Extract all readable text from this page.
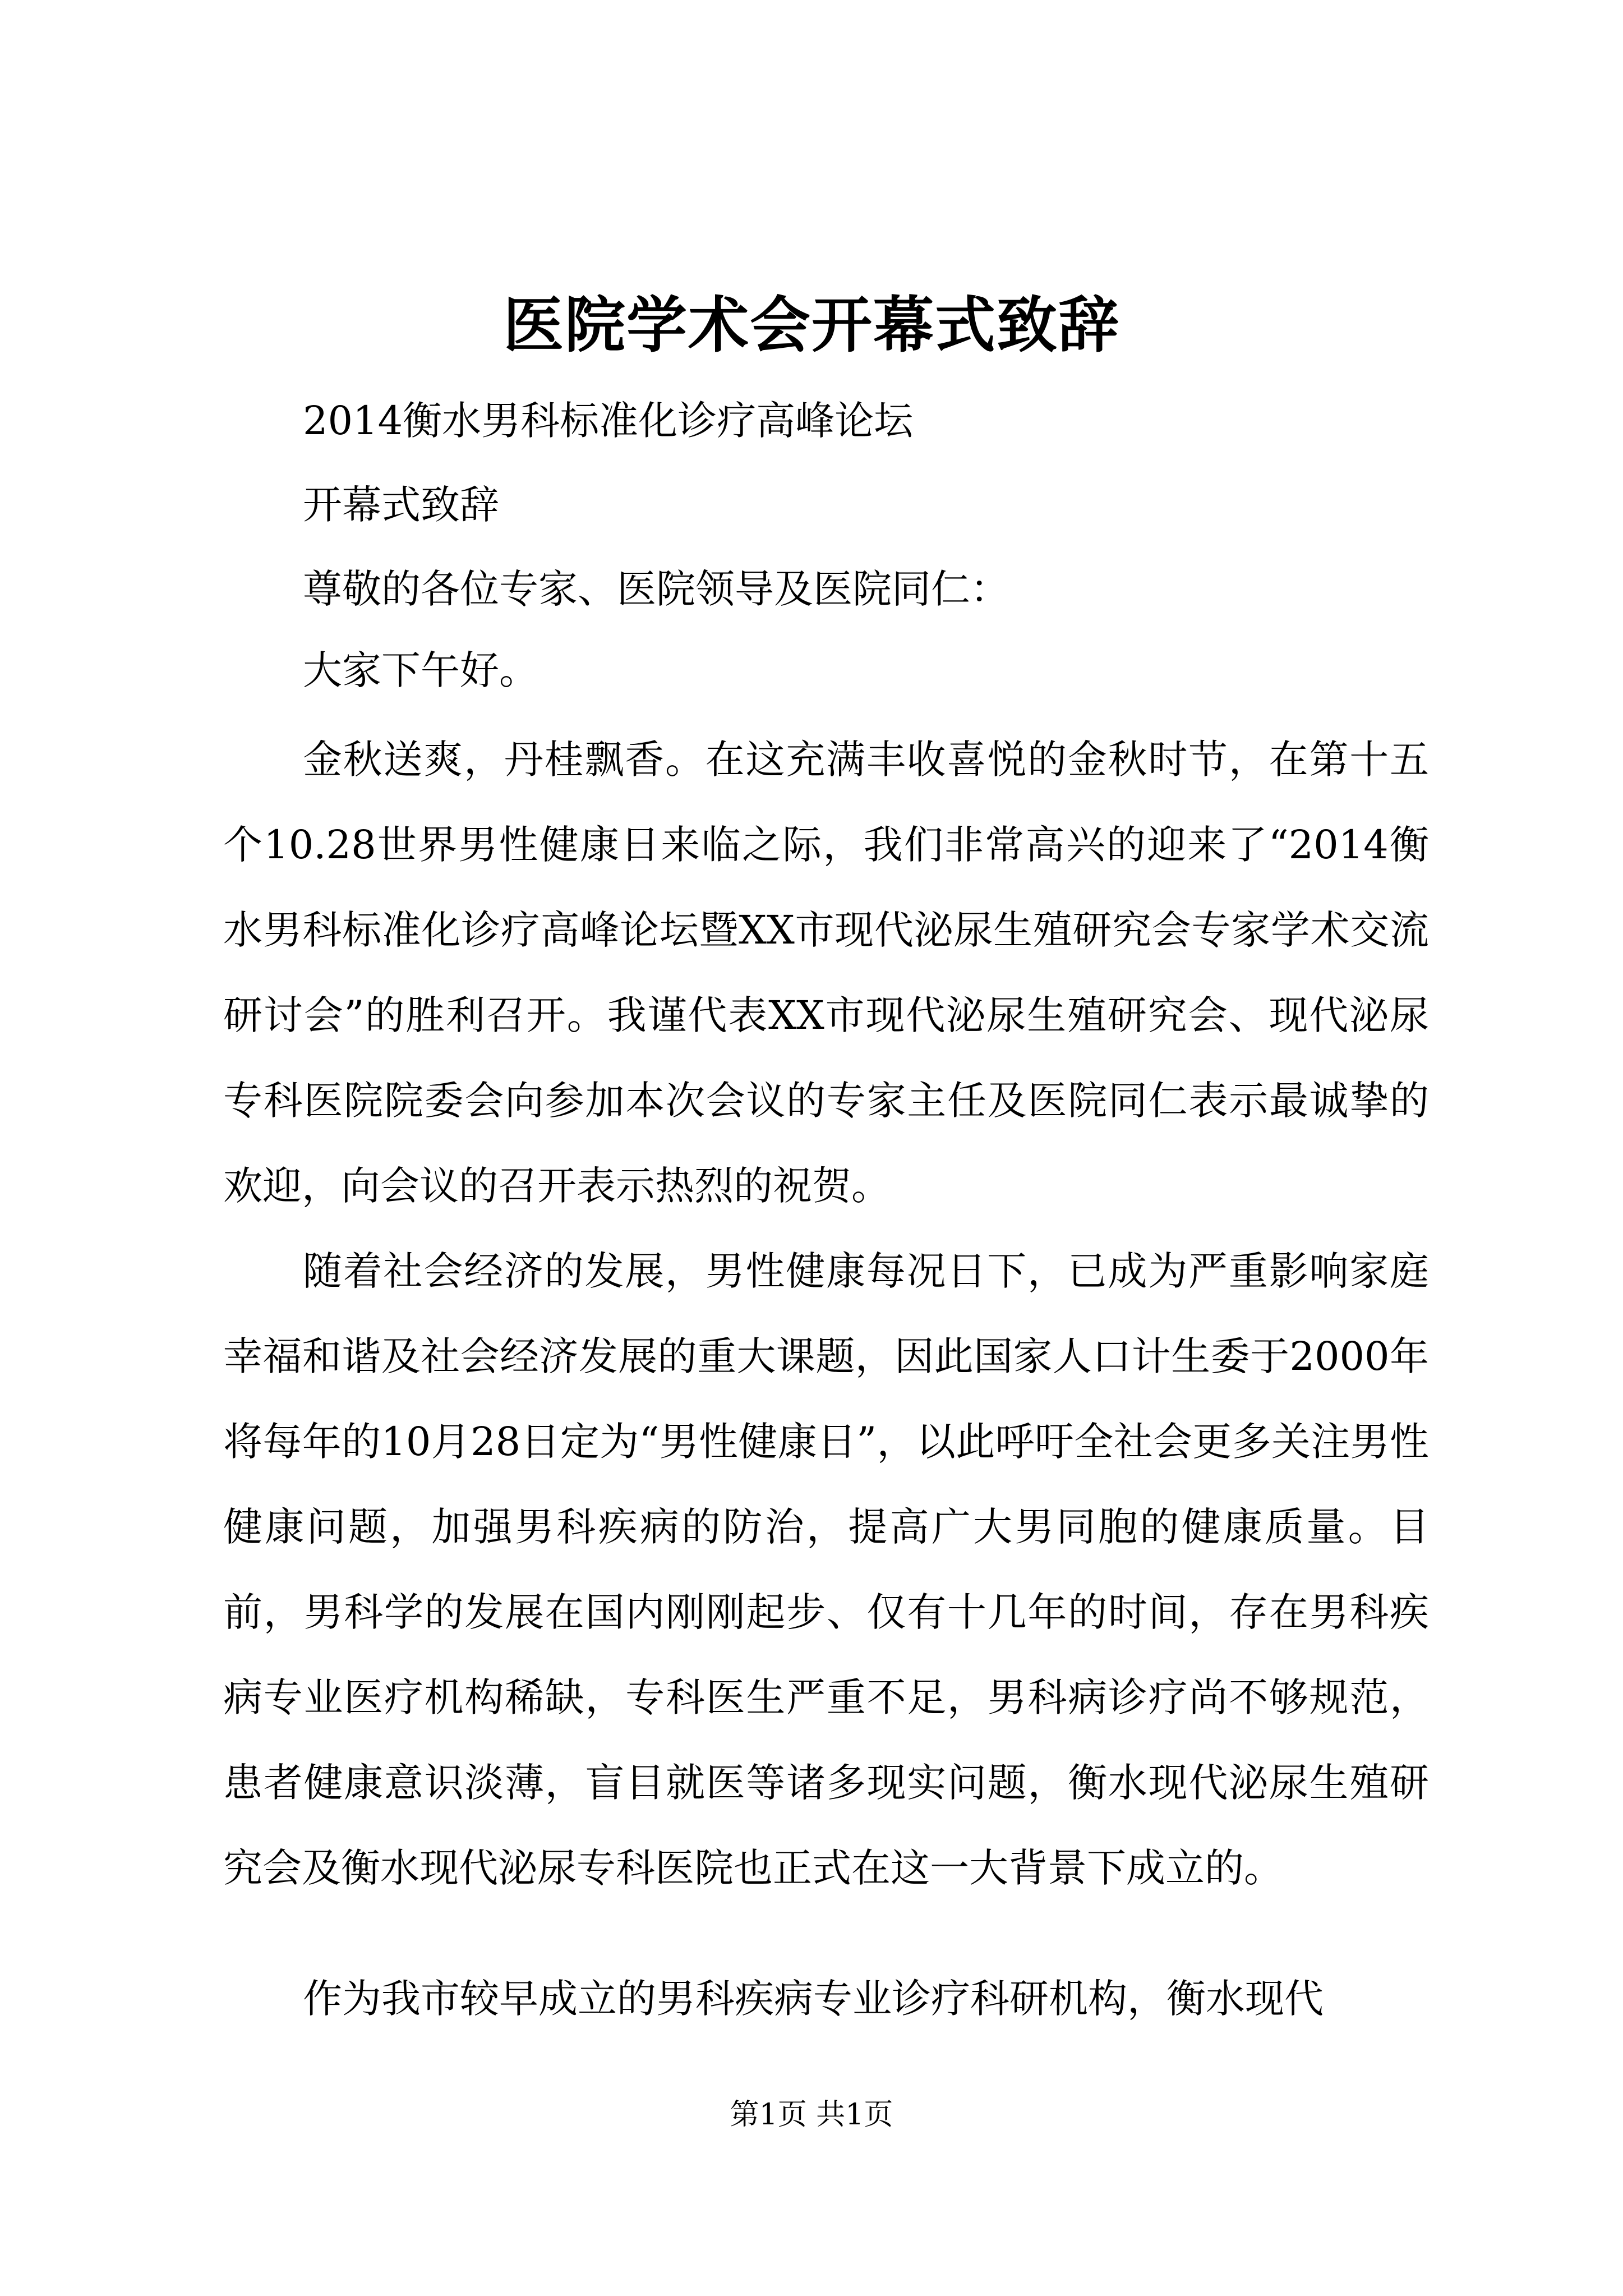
医院学术会开幕式致辞
2014衡水男科标准化诊疗高峰论坛
开幕式致辞
尊敬的各位专家、医院领导及医院同仁：
大家下午好。

金秋送爽，丹桂飘香。在这充满丰收喜悦的金秋时节，在第十五个10.28世界男性健康日来临之际，我们非常高兴的迎来了“2014衡水男科标准化诊疗高峰论坛暨XX市现代泌尿生殖研究会专家学术交流研讨会”的胜利召开。我谨代表XX市现代泌尿生殖研究会、现代泌尿专科医院院委会向参加本次会议的专家主任及医院同仁表示最诚挚的欢迎，向会议的召开表示热烈的祝贺。

随着社会经济的发展，男性健康每况日下，已成为严重影响家庭幸福和谐及社会经济发展的重大课题，因此国家人口计生委于2000年将每年的10月28日定为“男性健康日”，以此呼吁全社会更多关注男性健康问题，加强男科疾病的防治，提高广大男同胞的健康质量。目前，男科学的发展在国内刚刚起步、仅有十几年的时间，存在男科疾病专业医疗机构稀缺，专科医生严重不足，男科病诊疗尚不够规范，患者健康意识淡薄，盲目就医等诸多现实问题，衡水现代泌尿生殖研究会及衡水现代泌尿专科医院也正式在这一大背景下成立的。

作为我市较早成立的男科疾病专业诊疗科研机构，衡水现代

第1页 共1页
